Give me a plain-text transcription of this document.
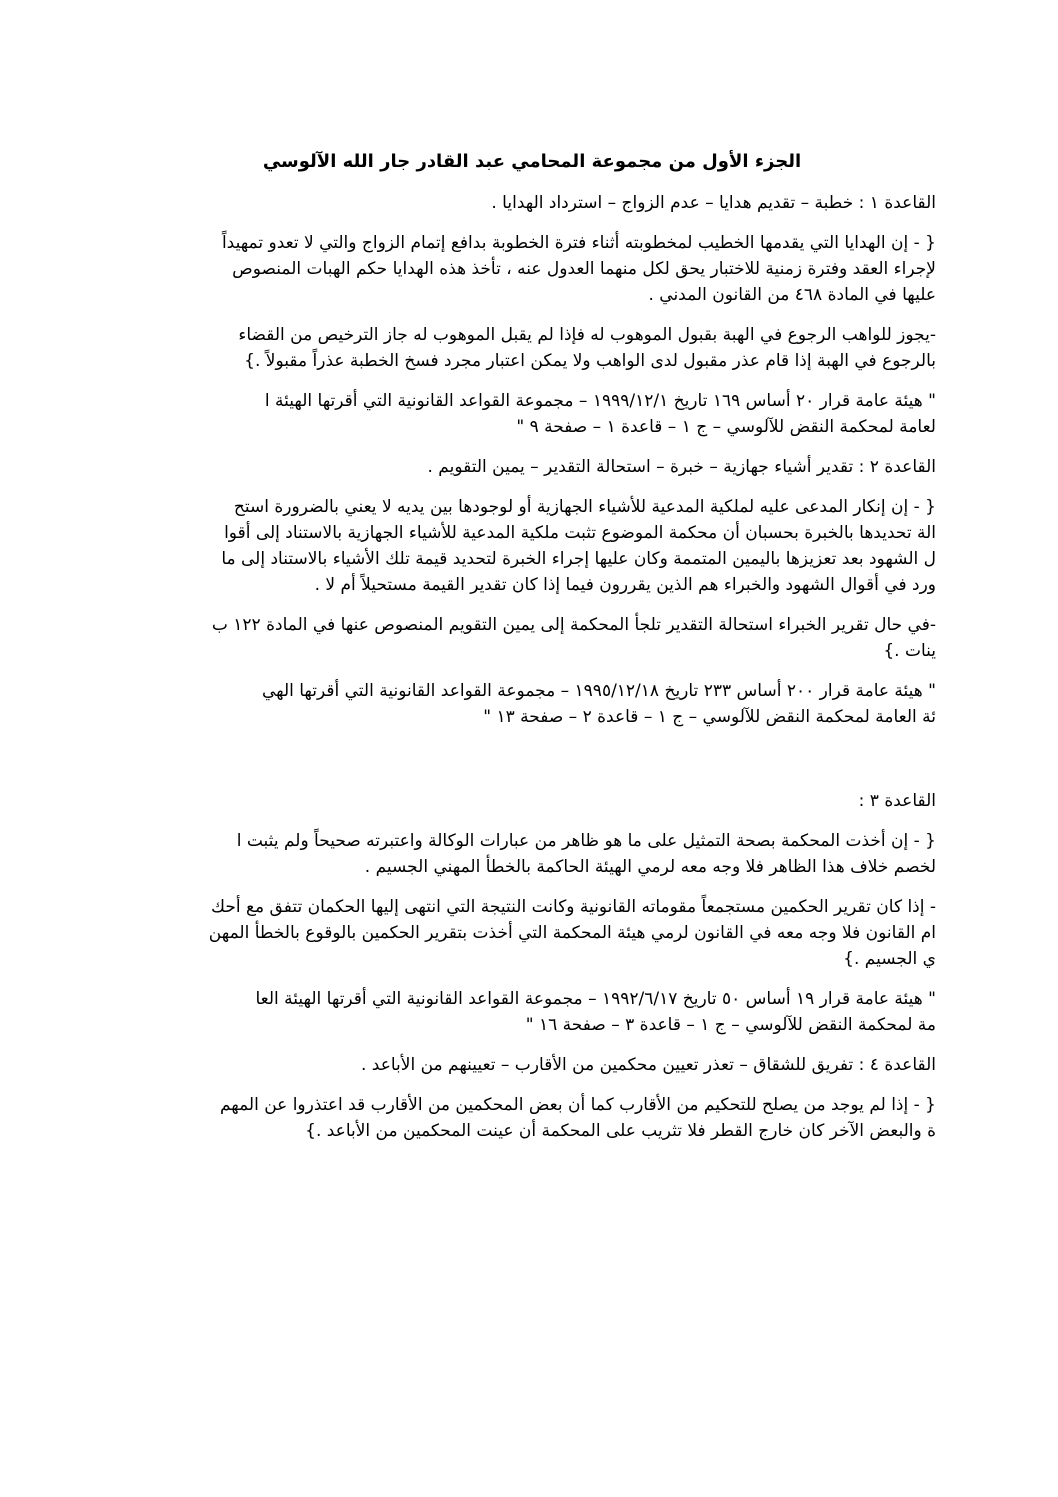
الجزء الأول من مجموعة المحامي عبد القادر جار الله الآلوسي
القاعدة ١ : خطبة – تقديم هدايا – عدم الزواج – استرداد الهدايا .
{ - إن الهدايا التي يقدمها الخطيب لمخطوبته أثناء فترة الخطوبة بدافع إتمام الزواج والتي لا تعدو تمهيداً
لإجراء العقد وفترة زمنية للاختبار يحق لكل منهما العدول عنه ، تأخذ هذه الهدايا حكم الهبات المنصوص
عليها في المادة ٤٦٨ من القانون المدني .
-يجوز للواهب الرجوع في الهبة بقبول الموهوب له فإذا لم يقبل الموهوب له جاز الترخيص من القضاء
بالرجوع في الهبة إذا قام عذر مقبول لدى الواهب ولا يمكن اعتبار مجرد فسخ الخطبة عذراً مقبولاً .}
" هيئة عامة قرار ٢٠ أساس ١٦٩ تاريخ ١٩٩٩/١٢/١ – مجموعة القواعد القانونية التي أقرتها الهيئة ا
لعامة لمحكمة النقض للآلوسي – ج ١ – قاعدة ١ – صفحة ٩ "
القاعدة ٢ : تقدير أشياء جهازية – خبرة – استحالة التقدير – يمين التقويم .
{ - إن إنكار المدعى عليه لملكية المدعية للأشياء الجهازية أو لوجودها بين يديه لا يعني بالضرورة استح
الة تحديدها بالخبرة بحسبان أن محكمة الموضوع تثبت ملكية المدعية للأشياء الجهازية بالاستناد إلى أقوا
ل الشهود بعد تعزيزها باليمين المتممة وكان عليها إجراء الخبرة لتحديد قيمة تلك الأشياء بالاستناد إلى ما
ورد في أقوال الشهود والخبراء هم الذين يقررون فيما إذا كان تقدير القيمة مستحيلاً أم لا .
-في حال تقرير الخبراء استحالة التقدير تلجأ المحكمة إلى يمين التقويم المنصوص عنها في المادة ١٢٢ ب
ينات .}
" هيئة عامة قرار ٢٠٠ أساس ٢٣٣ تاريخ ١٩٩٥/١٢/١٨ – مجموعة القواعد القانونية التي أقرتها الهي
ئة العامة لمحكمة النقض للآلوسي – ج ١ – قاعدة ٢ – صفحة ١٣ "
القاعدة ٣ :
{ - إن أخذت المحكمة بصحة التمثيل على ما هو ظاهر من عبارات الوكالة واعتبرته صحيحاً ولم يثبت ا
لخصم خلاف هذا الظاهر فلا وجه معه لرمي الهيئة الحاكمة بالخطأ المهني الجسيم .
- إذا كان تقرير الحكمين مستجمعاً مقوماته القانونية وكانت النتيجة التي انتهى إليها الحكمان تتفق مع أحك
ام القانون فلا وجه معه في القانون لرمي هيئة المحكمة التي أخذت بتقرير الحكمين بالوقوع بالخطأ المهن
ي الجسيم .}
" هيئة عامة قرار ١٩ أساس ٥٠ تاريخ ١٩٩٢/٦/١٧ – مجموعة القواعد القانونية التي أقرتها الهيئة العا
مة لمحكمة النقض للآلوسي – ج ١ – قاعدة ٣ – صفحة ١٦ "
القاعدة ٤ : تفريق للشقاق – تعذر تعيين محكمين من الأقارب – تعيينهم من الأباعد .
{ - إذا لم يوجد من يصلح للتحكيم من الأقارب كما أن بعض المحكمين من الأقارب قد اعتذروا عن المهم
ة والبعض الآخر كان خارج القطر فلا تثريب على المحكمة أن عينت المحكمين من الأباعد .}
